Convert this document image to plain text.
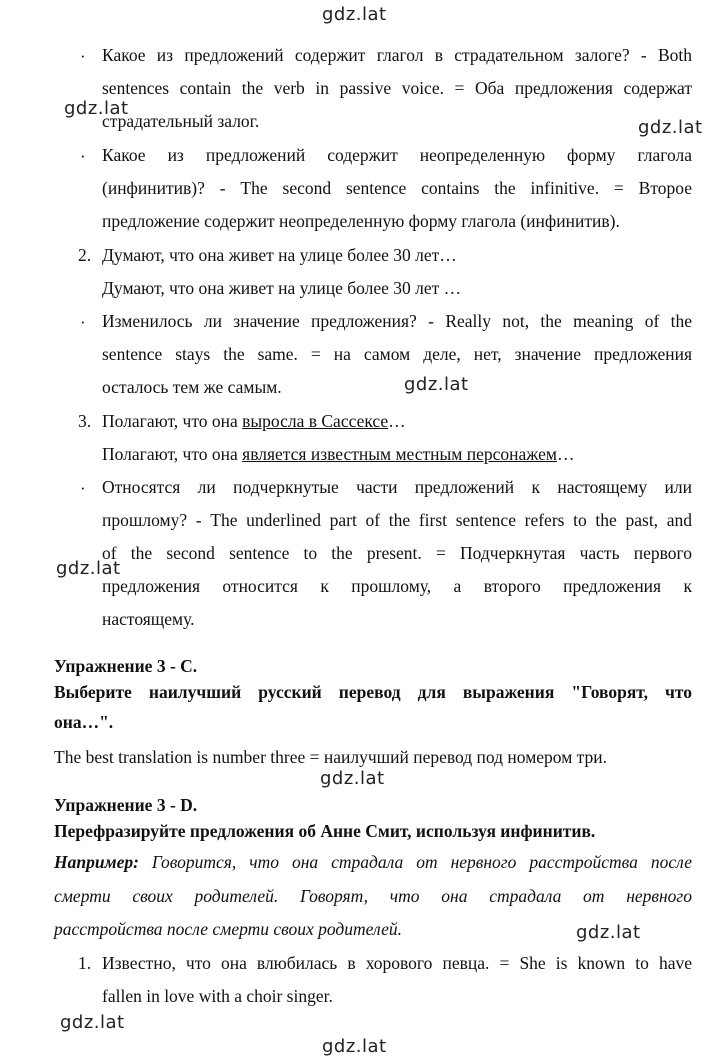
gdz.lat
gdz.lat
gdz.lat
gdz.lat
gdz.lat
gdz.lat
gdz.lat
gdz.lat
gdz.lat
· Какое из предложений содержит глагол в страдательном залоге? - Both
sentences contain the verb in passive voice. = Оба предложения содержат
страдательный залог.
· Какое из предложений содержит неопределенную форму глагола
(инфинитив)? - The second sentence contains the infinitive. = Второе
предложение содержит неопределенную форму глагола (инфинитив).
2. Думают, что она живет на улице более 30 лет…
Думают, что она живет на улице более 30 лет …
· Изменилось ли значение предложения? - Really not, the meaning of the
sentence stays the same. = на самом деле, нет, значение предложения
осталось тем же самым.
3. Полагают, что она выросла в Сассексе…
Полагают, что она является известным местным персонажем…
· Относятся ли подчеркнутые части предложений к настоящему или
прошлому? - The underlined part of the first sentence refers to the past, and
of the second sentence to the present. = Подчеркнутая часть первого
предложения относится к прошлому, а второго предложения к
настоящему.
Упражнение 3 - С.
Выберите наилучший русский перевод для выражения "Говорят, что
она…".
The best translation is number three = наилучший перевод под номером три.
Упражнение 3 - D.
Перефразируйте предложения об Анне Смит, используя инфинитив.
Например: Говорится, что она страдала от нервного расстройства после
смерти своих родителей. Говорят, что она страдала от нервного
расстройства после смерти своих родителей.
1. Известно, что она влюбилась в хорового певца. = She is known to have
fallen in love with a choir singer.
